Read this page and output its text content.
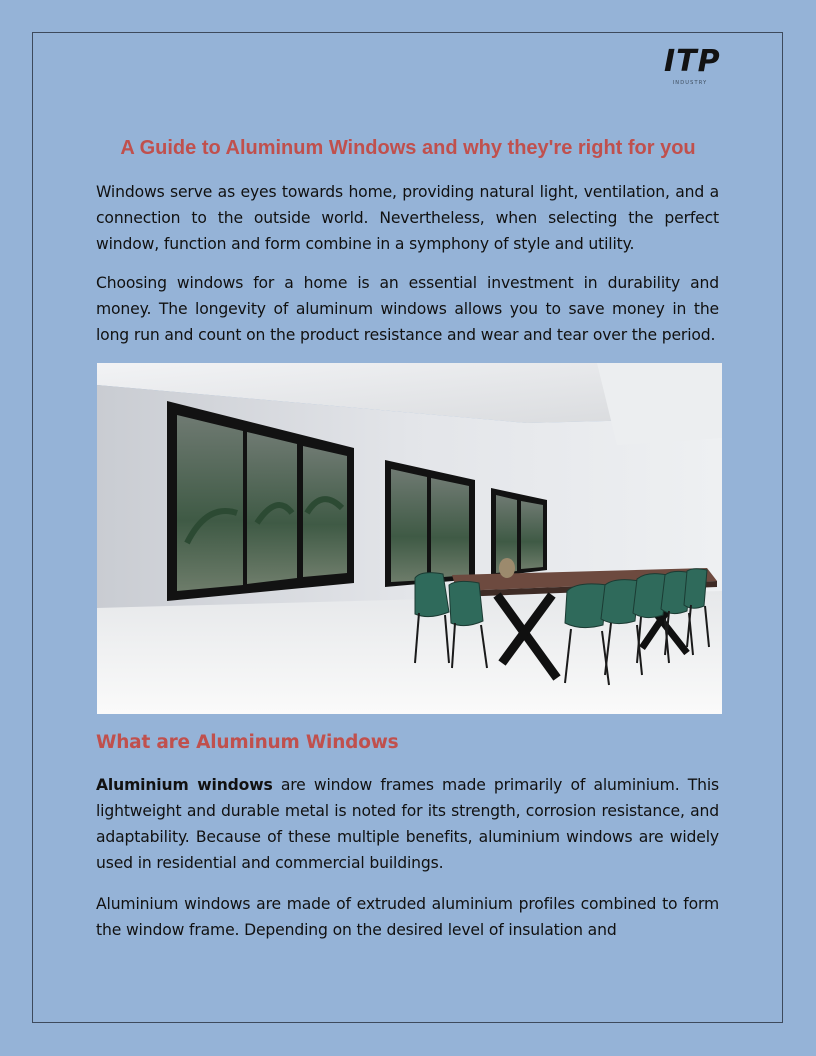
ITP
INDUSTRY
A Guide to Aluminum Windows and why they're right for you

Windows serve as eyes towards home, providing natural light, ventilation, and a connection to the outside world. Nevertheless, when selecting the perfect window, function and form combine in a symphony of style and utility.

Choosing windows for a home is an essential investment in durability and money. The longevity of aluminum windows allows you to save money in the long run and count on the product resistance and wear and tear over the period.

What are Aluminum Windows

Aluminium windows are window frames made primarily of aluminium. This lightweight and durable metal is noted for its strength, corrosion resistance, and adaptability. Because of these multiple benefits, aluminium windows are widely used in residential and commercial buildings.

Aluminium windows are made of extruded aluminium profiles combined to form the window frame. Depending on the desired level of insulation and
